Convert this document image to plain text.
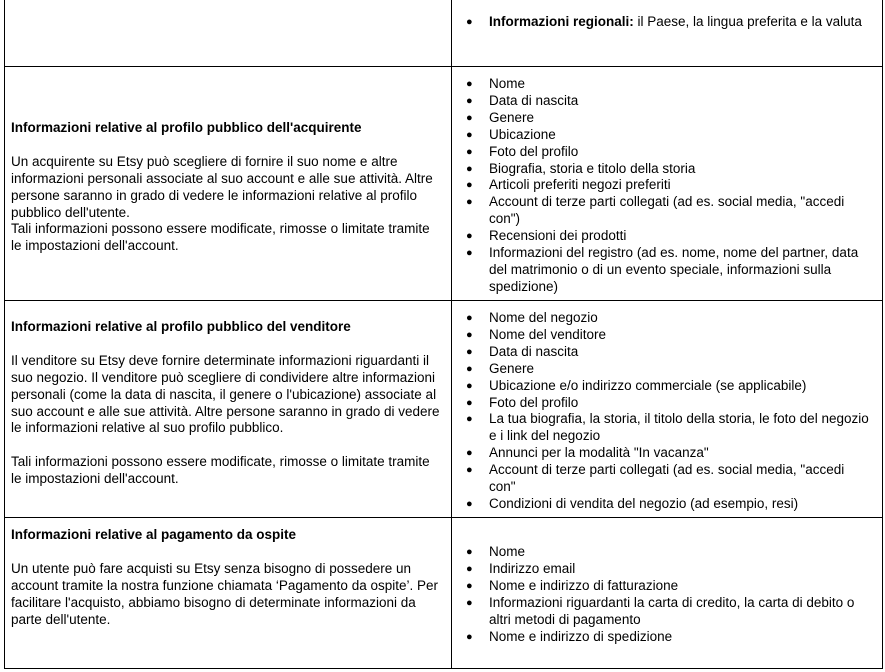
● Informazioni regionali: il Paese, la lingua preferita e la valuta

Informazioni relative al profilo pubblico dell'acquirente

Un acquirente su Etsy può scegliere di fornire il suo nome e altre informazioni personali associate al suo account e alle sue attività. Altre persone saranno in grado di vedere le informazioni relative al profilo pubblico dell'utente.

Tali informazioni possono essere modificate, rimosse o limitate tramite le impostazioni dell'account.

● Nome
● Data di nascita
● Genere
● Ubicazione
● Foto del profilo
● Biografia, storia e titolo della storia
● Articoli preferiti negozi preferiti
● Account di terze parti collegati (ad es. social media, "accedi con")
● Recensioni dei prodotti
● Informazioni del registro (ad es. nome, nome del partner, data del matrimonio o di un evento speciale, informazioni sulla spedizione)

Informazioni relative al profilo pubblico del venditore

Il venditore su Etsy deve fornire determinate informazioni riguardanti il suo negozio. Il venditore può scegliere di condividere altre informazioni personali (come la data di nascita, il genere o l'ubicazione) associate al suo account e alle sue attività. Altre persone saranno in grado di vedere le informazioni relative al suo profilo pubblico.

Tali informazioni possono essere modificate, rimosse o limitate tramite le impostazioni dell'account.

● Nome del negozio
● Nome del venditore
● Data di nascita
● Genere
● Ubicazione e/o indirizzo commerciale (se applicabile)
● Foto del profilo
● La tua biografia, la storia, il titolo della storia, le foto del negozio e i link del negozio
● Annunci per la modalità "In vacanza"
● Account di terze parti collegati (ad es. social media, "accedi con"
● Condizioni di vendita del negozio (ad esempio, resi)

Informazioni relative al pagamento da ospite

Un utente può fare acquisti su Etsy senza bisogno di possedere un account tramite la nostra funzione chiamata ‘Pagamento da ospite’. Per facilitare l'acquisto, abbiamo bisogno di determinate informazioni da parte dell'utente.

● Nome
● Indirizzo email
● Nome e indirizzo di fatturazione
● Informazioni riguardanti la carta di credito, la carta di debito o altri metodi di pagamento
● Nome e indirizzo di spedizione
